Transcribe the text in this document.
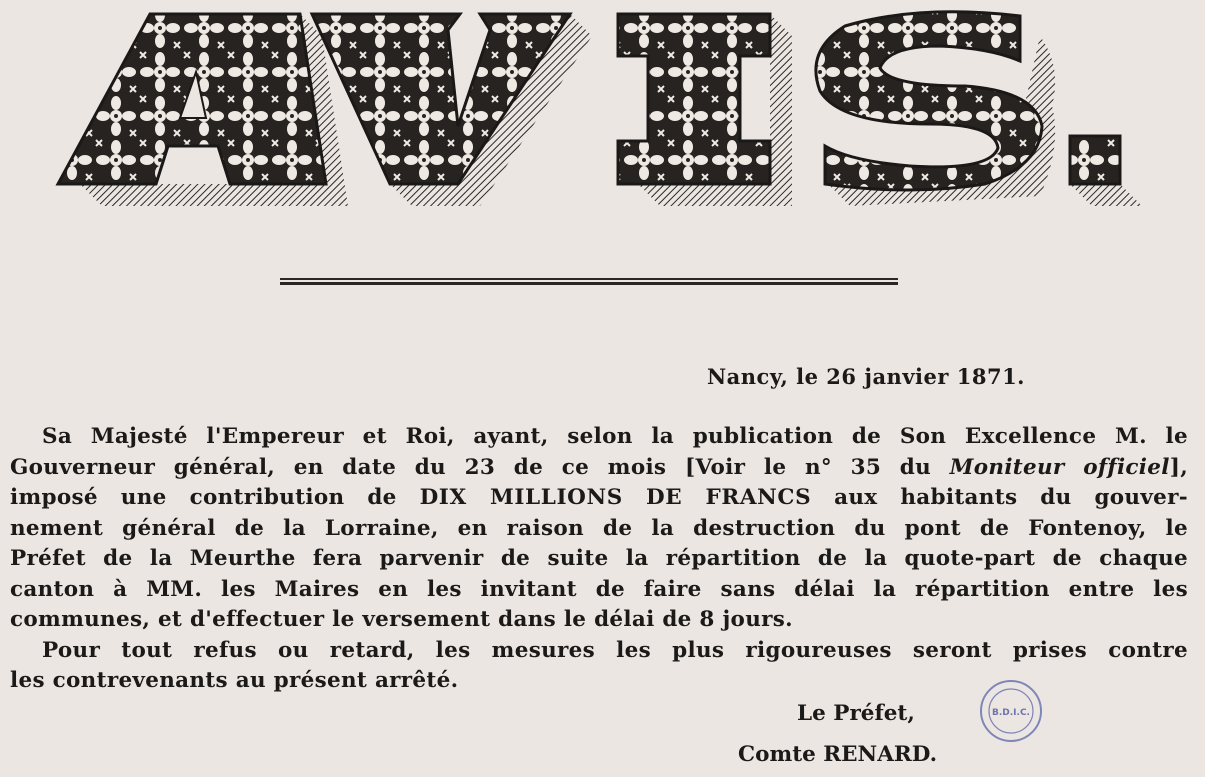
Nancy, le 26 janvier 1871.
Sa Majesté l'Empereur et Roi, ayant, selon la publication de Son Excellence M. le
Gouverneur général, en date du 23 de ce mois [Voir le n° 35 du Moniteur officiel],
imposé une contribution de DIX MILLIONS DE FRANCS aux habitants du gouver-
nement général de la Lorraine, en raison de la destruction du pont de Fontenoy, le
Préfet de la Meurthe fera parvenir de suite la répartition de la quote-part de chaque
canton à MM. les Maires en les invitant de faire sans délai la répartition entre les
communes, et d'effectuer le versement dans le délai de 8 jours.
Pour tout refus ou retard, les mesures les plus rigoureuses seront prises contre
les contrevenants au présent arrêté.
Le Préfet,
Comte RENARD.
B.D.I.C.
